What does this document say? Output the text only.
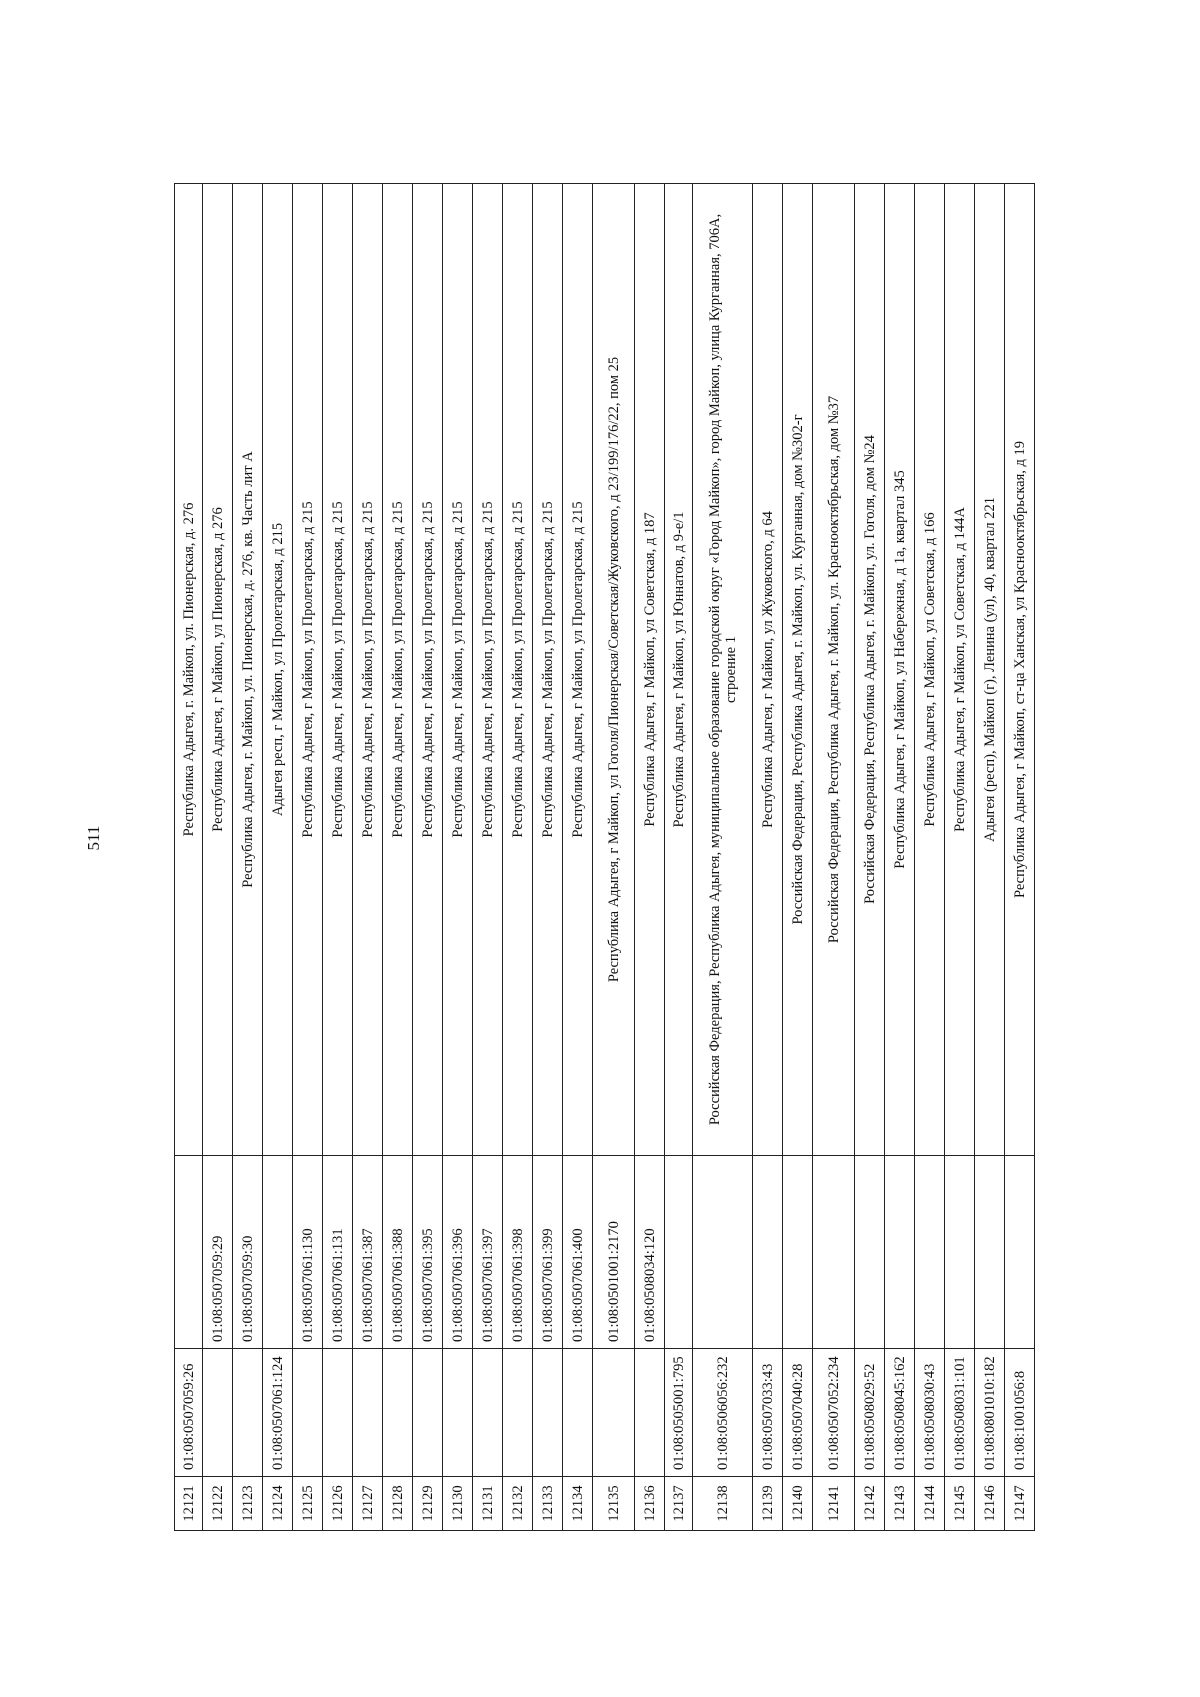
511
12121	01:08:0507059:26		Республика Адыгея, г. Майкоп, ул. Пионерская, д. 276
12122		01:08:0507059:29	Республика Адыгея, г Майкоп, ул Пионерская, д 276
12123		01:08:0507059:30	Республика Адыгея, г. Майкоп, ул. Пионерская, д. 276, кв. Часть лит А
12124	01:08:0507061:124		Адыгея респ, г Майкоп, ул Пролетарская, д 215
12125		01:08:0507061:130	Республика Адыгея, г Майкоп, ул Пролетарская, д 215
12126		01:08:0507061:131	Республика Адыгея, г Майкоп, ул Пролетарская, д 215
12127		01:08:0507061:387	Республика Адыгея, г Майкоп, ул Пролетарская, д 215
12128		01:08:0507061:388	Республика Адыгея, г Майкоп, ул Пролетарская, д 215
12129		01:08:0507061:395	Республика Адыгея, г Майкоп, ул Пролетарская, д 215
12130		01:08:0507061:396	Республика Адыгея, г Майкоп, ул Пролетарская, д 215
12131		01:08:0507061:397	Республика Адыгея, г Майкоп, ул Пролетарская, д 215
12132		01:08:0507061:398	Республика Адыгея, г Майкоп, ул Пролетарская, д 215
12133		01:08:0507061:399	Республика Адыгея, г Майкоп, ул Пролетарская, д 215
12134		01:08:0507061:400	Республика Адыгея, г Майкоп, ул Пролетарская, д 215
12135		01:08:0501001:2170	Республика Адыгея, г Майкоп, ул Гоголя/Пионерская/Советская/Жуковского, д 23/199/176/22, пом 25
12136		01:08:0508034:120	Республика Адыгея, г Майкоп, ул Советская, д 187
12137	01:08:0505001:795		Республика Адыгея, г Майкоп, ул Юннатов, д 9-е/1
12138	01:08:0506056:232		Российская Федерация, Республика Адыгея, муниципальное образование городской округ «Город Майкоп», город Майкоп, улица Курганная, 706А, строение 1
12139	01:08:0507033:43		Республика Адыгея, г Майкоп, ул Жуковского, д 64
12140	01:08:0507040:28		Российская Федерация, Республика Адыгея, г. Майкоп, ул. Курганная, дом №302-г
12141	01:08:0507052:234		Российская Федерация, Республика Адыгея, г. Майкоп, ул. Краснооктябрьская, дом №37
12142	01:08:0508029:52		Российская Федерация, Республика Адыгея, г. Майкоп, ул. Гоголя, дом №24
12143	01:08:0508045:162		Республика Адыгея, г Майкоп, ул Набережная, д 1а, квартал 345
12144	01:08:0508030:43		Республика Адыгея, г Майкоп, ул Советская, д 166
12145	01:08:0508031:101		Республика Адыгея, г Майкоп, ул Советская, д 144А
12146	01:08:0801010:182		Адыгея (респ), Майкоп (г), Ленина (ул), 40, квартал 221
12147	01:08:1001056:8		Республика Адыгея, г Майкоп, ст-ца Ханская, ул Краснооктябрьская, д 19
